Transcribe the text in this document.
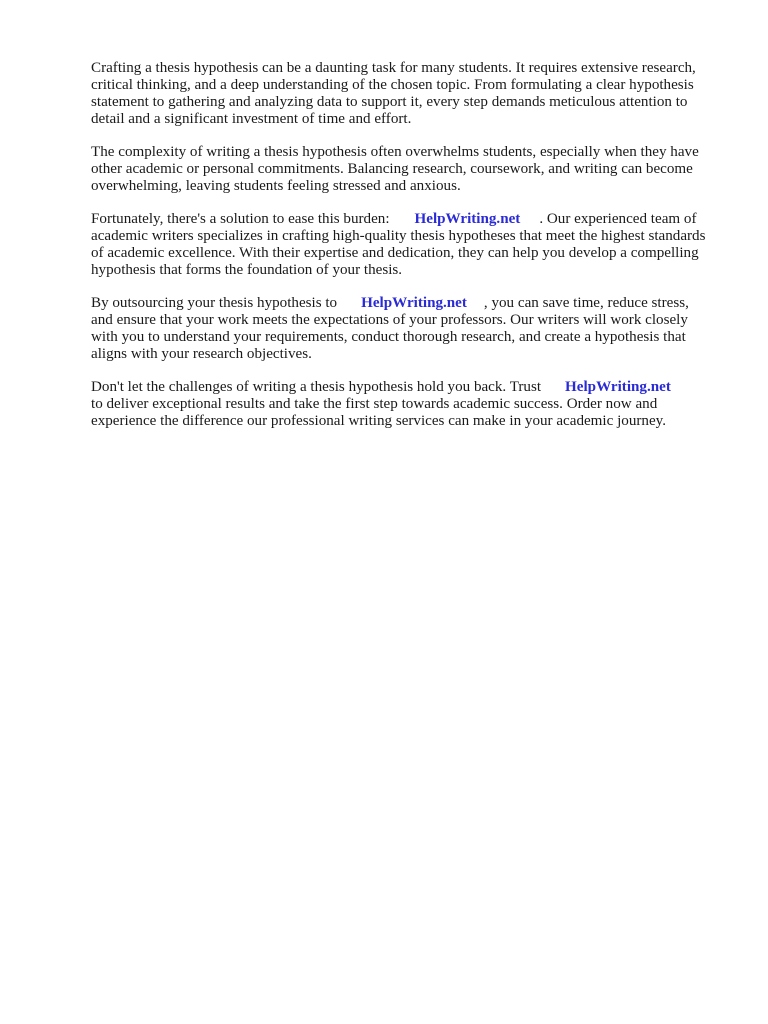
Crafting a thesis hypothesis can be a daunting task for many students. It requires extensive research,
critical thinking, and a deep understanding of the chosen topic. From formulating a clear hypothesis
statement to gathering and analyzing data to support it, every step demands meticulous attention to
detail and a significant investment of time and effort.

The complexity of writing a thesis hypothesis often overwhelms students, especially when they have
other academic or personal commitments. Balancing research, coursework, and writing can become
overwhelming, leaving students feeling stressed and anxious.

Fortunately, there's a solution to ease this burden: HelpWriting.net . Our experienced team of
academic writers specializes in crafting high-quality thesis hypotheses that meet the highest standards
of academic excellence. With their expertise and dedication, they can help you develop a compelling
hypothesis that forms the foundation of your thesis.

By outsourcing your thesis hypothesis to HelpWriting.net , you can save time, reduce stress,
and ensure that your work meets the expectations of your professors. Our writers will work closely
with you to understand your requirements, conduct thorough research, and create a hypothesis that
aligns with your research objectives.

Don't let the challenges of writing a thesis hypothesis hold you back. Trust HelpWriting.net
to deliver exceptional results and take the first step towards academic success. Order now and
experience the difference our professional writing services can make in your academic journey.
